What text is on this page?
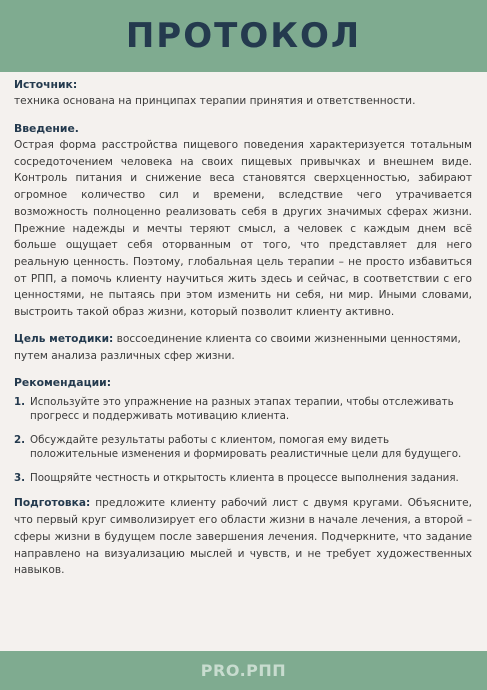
ПРОТОКОЛ
Источник:

техника основана на принципах терапии принятия и ответственности.

Введение.

Острая форма расстройства пищевого поведения характеризуется тотальным сосредоточением человека на своих пищевых привычках и внешнем виде. Контроль питания и снижение веса становятся сверхценностью, забирают огромное количество сил и времени, вследствие чего утрачивается возможность полноценно реализовать себя в других значимых сферах жизни. Прежние надежды и мечты теряют смысл, а человек с каждым днем всё больше ощущает себя оторванным от того, что представляет для него реальную ценность. Поэтому, глобальная цель терапии – не просто избавиться от РПП, а помочь клиенту научиться жить здесь и сейчас, в соответствии с его ценностями, не пытаясь при этом изменить ни себя, ни мир. Иными словами, выстроить такой образ жизни, который позволит клиенту активно.

Цель методики: воссоединение клиента со своими жизненными ценностями, путем анализа различных сфер жизни.

Рекомендации:
1. Используйте это упражнение на разных этапах терапии, чтобы отслеживать прогресс и поддерживать мотивацию клиента.
2. Обсуждайте результаты работы с клиентом, помогая ему видеть положительные изменения и формировать реалистичные цели для будущего.
3. Поощряйте честность и открытость клиента в процессе выполнения задания.

Подготовка: предложите клиенту рабочий лист с двумя кругами. Объясните, что первый круг символизирует его области жизни в начале лечения, а второй – сферы жизни в будущем после завершения лечения. Подчеркните, что задание направлено на визуализацию мыслей и чувств, и не требует художественных навыков.

PRO.РПП
